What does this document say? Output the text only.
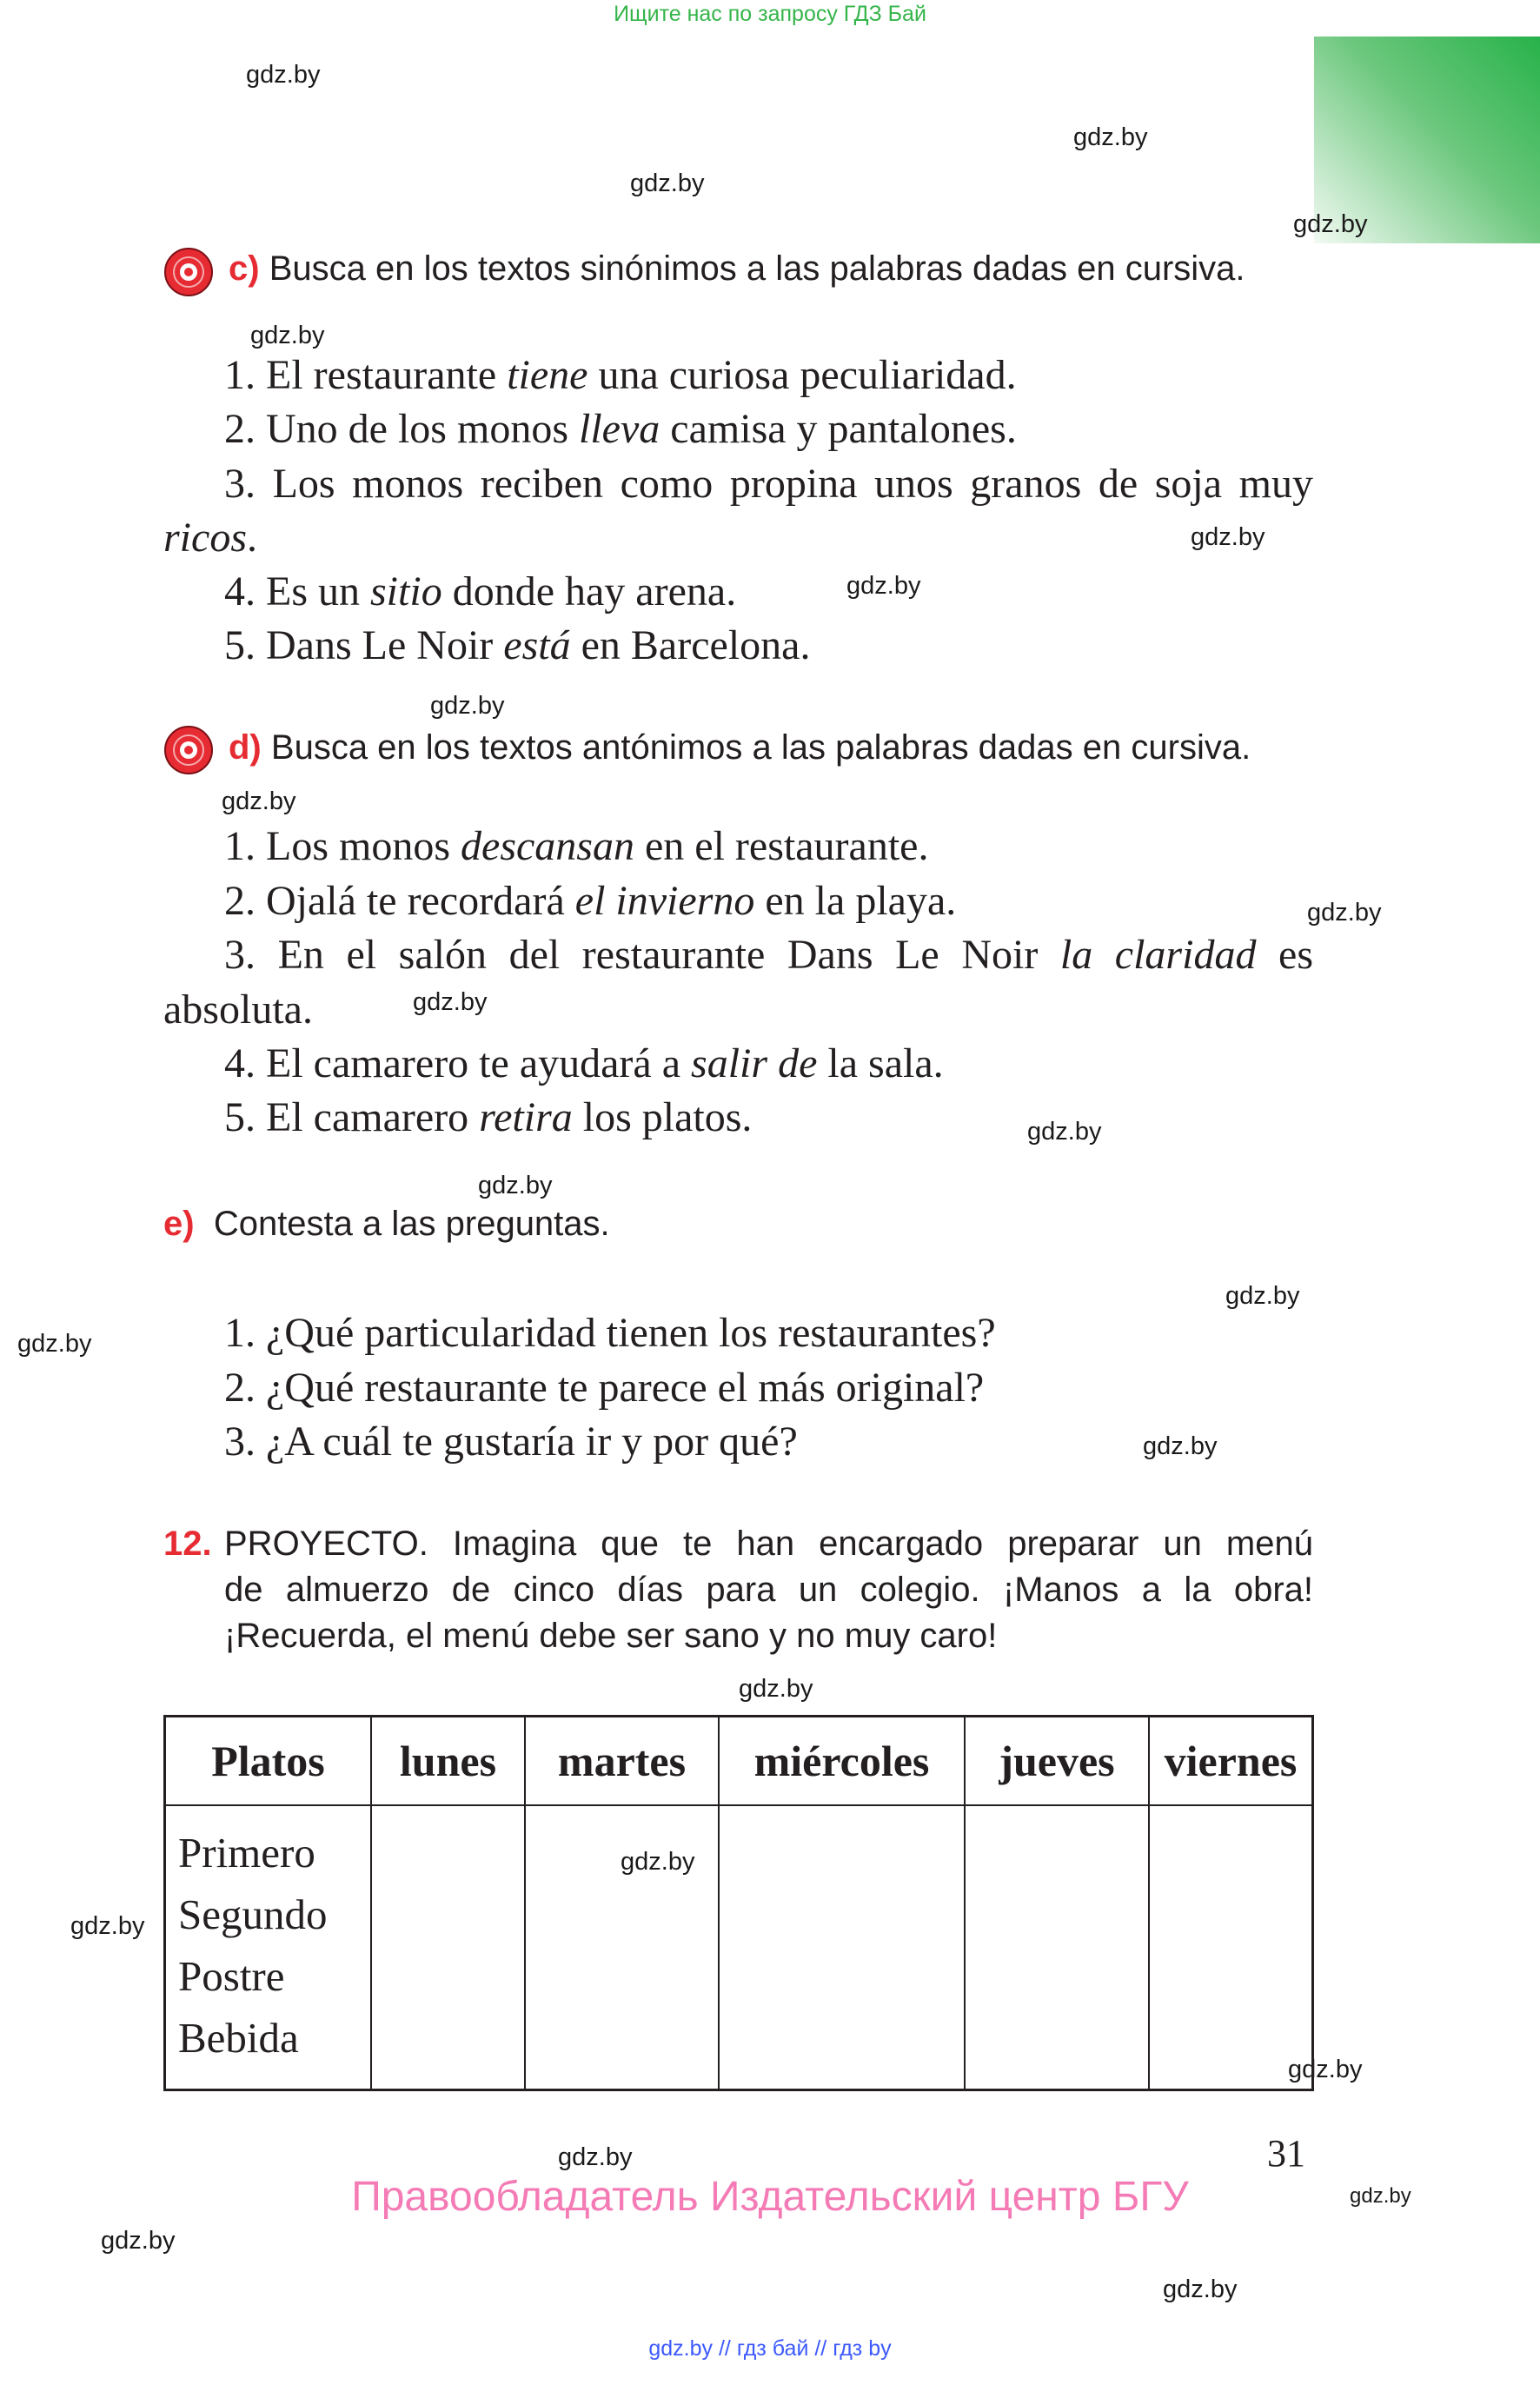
Ищите нас по запросу ГДЗ Бай
gdz.by
gdz.by
gdz.by
gdz.by
gdz.by
gdz.by
gdz.by
gdz.by
gdz.by
gdz.by
gdz.by
gdz.by
gdz.by
gdz.by
gdz.by
gdz.by
gdz.by
gdz.by
gdz.by
gdz.by
gdz.by
gdz.by
gdz.by
gdz.by
c) Busca en los textos sinónimos a las palabras dadas en cursiva.
1. El restaurante tiene una curiosa peculiaridad.
2. Uno de los monos lleva camisa y pantalones.
3. Los monos reciben como propina unos granos de soja muy
ricos.
4. Es un sitio donde hay arena.
5. Dans Le Noir está en Barcelona.
d) Busca en los textos antónimos a las palabras dadas en cursiva.
1. Los monos descansan en el restaurante.
2. Ojalá te recordará el invierno en la playa.
3. En el salón del restaurante Dans Le Noir la claridad es
absoluta.
4. El camarero te ayudará a salir de la sala.
5. El camarero retira los platos.
e) Contesta a las preguntas.
1. ¿Qué particularidad tienen los restaurantes?
2. ¿Qué restaurante te parece el más original?
3. ¿A cuál te gustaría ir y por qué?
12. PROYECTO. Imagina que te han encargado preparar un menú
de almuerzo de cinco días para un colegio. ¡Manos a la obra!
¡Recuerda, el menú debe ser sano y no muy caro!
Platos	lunes	martes	miércoles	jueves	viernes
Primero
Segundo
Postre
Bebida
31
Правообладатель Издательский центр БГУ
gdz.by // гдз бай // гдз by
